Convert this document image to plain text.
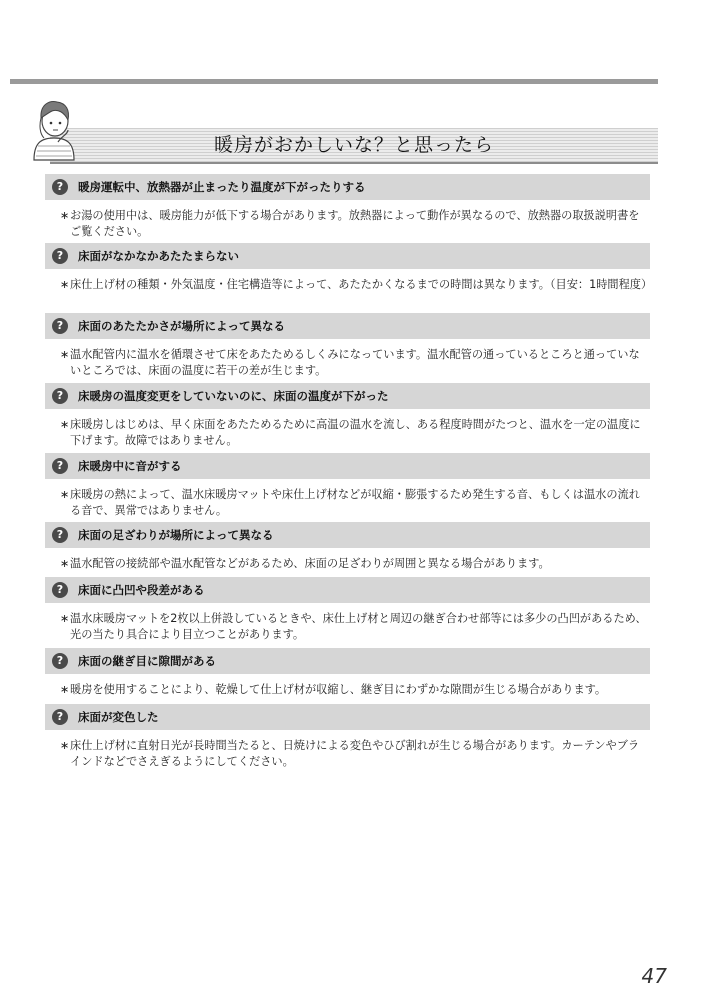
暖房がおかしいな？と思ったら
?	暖房運転中、放熱器が止まったり温度が下がったりする
∗ お湯の使用中は、暖房能力が低下する場合があります。放熱器によって動作が異なるので、放熱器の取扱説明書をご覧ください。
?	床面がなかなかあたたまらない
∗ 床仕上げ材の種類・外気温度・住宅構造等によって、あたたかくなるまでの時間は異なります。（目安：1時間程度）
?	床面のあたたかさが場所によって異なる
∗ 温水配管内に温水を循環させて床をあたためるしくみになっています。温水配管の通っているところと通っていないところでは、床面の温度に若干の差が生じます。
?	床暖房の温度変更をしていないのに、床面の温度が下がった
∗ 床暖房しはじめは、早く床面をあたためるために高温の温水を流し、ある程度時間がたつと、温水を一定の温度に下げます。故障ではありません。
?	床暖房中に音がする
∗ 床暖房の熱によって、温水床暖房マットや床仕上げ材などが収縮・膨張するため発生する音、もしくは温水の流れる音で、異常ではありません。
?	床面の足ざわりが場所によって異なる
∗ 温水配管の接続部や温水配管などがあるため、床面の足ざわりが周囲と異なる場合があります。
?	床面に凸凹や段差がある
∗ 温水床暖房マットを2枚以上併設しているときや、床仕上げ材と周辺の継ぎ合わせ部等には多少の凸凹があるため、光の当たり具合により目立つことがあります。
?	床面の継ぎ目に隙間がある
∗ 暖房を使用することにより、乾燥して仕上げ材が収縮し、継ぎ目にわずかな隙間が生じる場合があります。
?	床面が変色した
∗ 床仕上げ材に直射日光が長時間当たると、日焼けによる変色やひび割れが生じる場合があります。カーテンやブラインドなどでさえぎるようにしてください。
47
